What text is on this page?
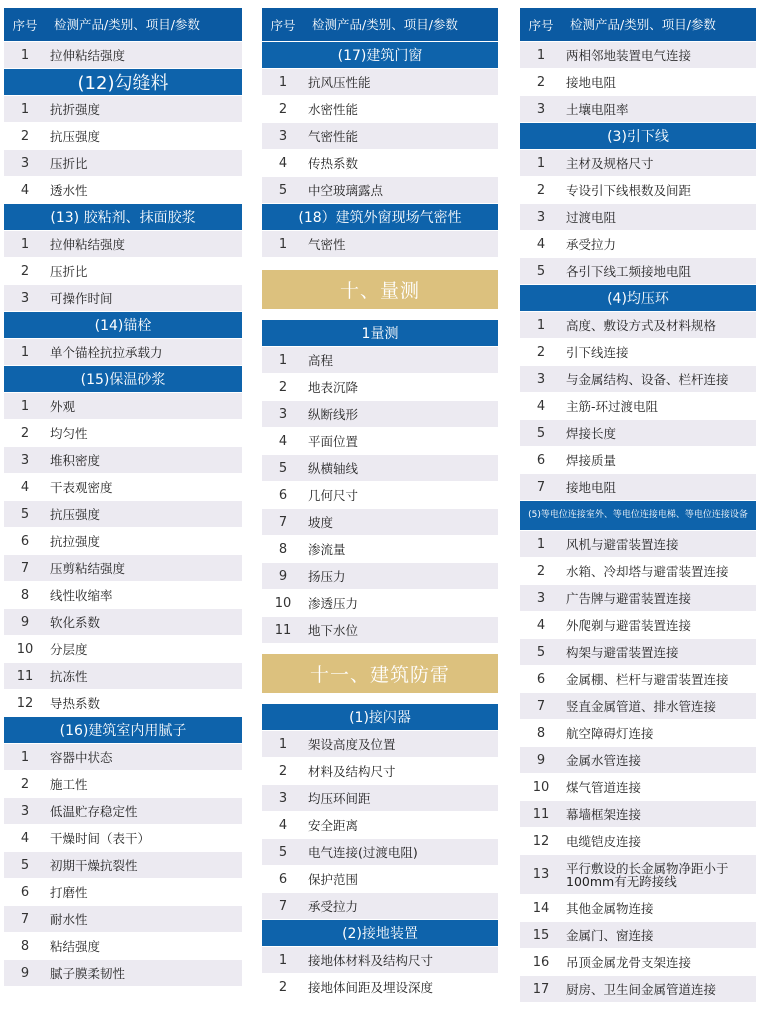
序号	检测产品/类别、项目/参数
1	拉伸粘结强度
(12)勾缝料
1	抗折强度
2	抗压强度
3	压折比
4	透水性
(13) 胶粘剂、抹面胶浆
1	拉伸粘结强度
2	压折比
3	可操作时间
(14)锚栓
1	单个锚栓抗拉承载力
(15)保温砂浆
1	外观
2	均匀性
3	堆积密度
4	干表观密度
5	抗压强度
6	抗拉强度
7	压剪粘结强度
8	线性收缩率
9	软化系数
10	分层度
11	抗冻性
12	导热系数
(16)建筑室内用腻子
1	容器中状态
2	施工性
3	低温贮存稳定性
4	干燥时间（表干）
5	初期干燥抗裂性
6	打磨性
7	耐水性
8	粘结强度
9	腻子膜柔韧性
序号	检测产品/类别、项目/参数
(17)建筑门窗
1	抗风压性能
2	水密性能
3	气密性能
4	传热系数
5	中空玻璃露点
(18）建筑外窗现场气密性
1	气密性
十、量测
1量测
1	高程
2	地表沉降
3	纵断线形
4	平面位置
5	纵横轴线
6	几何尺寸
7	坡度
8	渗流量
9	扬压力
10	渗透压力
11	地下水位
十一、建筑防雷
(1)接闪器
1	架设高度及位置
2	材料及结构尺寸
3	均压环间距
4	安全距离
5	电气连接(过渡电阻)
6	保护范围
7	承受拉力
(2)接地装置
1	接地体材料及结构尺寸
2	接地体间距及埋设深度
序号	检测产品/类别、项目/参数
1	两相邻地装置电气连接
2	接地电阻
3	土壤电阻率
(3)引下线
1	主材及规格尺寸
2	专设引下线根数及间距
3	过渡电阻
4	承受拉力
5	各引下线工频接地电阻
(4)均压环
1	高度、敷设方式及材料规格
2	引下线连接
3	与金属结构、设备、栏杆连接
4	主筋-环过渡电阻
5	焊接长度
6	焊接质量
7	接地电阻
(5)等电位连接室外、等电位连接电梯、等电位连接设备
1	风机与避雷装置连接
2	水箱、冷却塔与避雷装置连接
3	广告牌与避雷装置连接
4	外爬剃与避雷装置连接
5	构架与避雷装置连接
6	金属棚、栏杆与避雷装置连接
7	竖直金属管道、排水管连接
8	航空障碍灯连接
9	金属水管连接
10	煤气管道连接
11	幕墙框架连接
12	电缆铠皮连接
13	平行敷设的长金属物净距小于100mm有无跨接线
14	其他金属物连接
15	金属门、窗连接
16	吊顶金属龙骨支架连接
17	厨房、卫生间金属管道连接
